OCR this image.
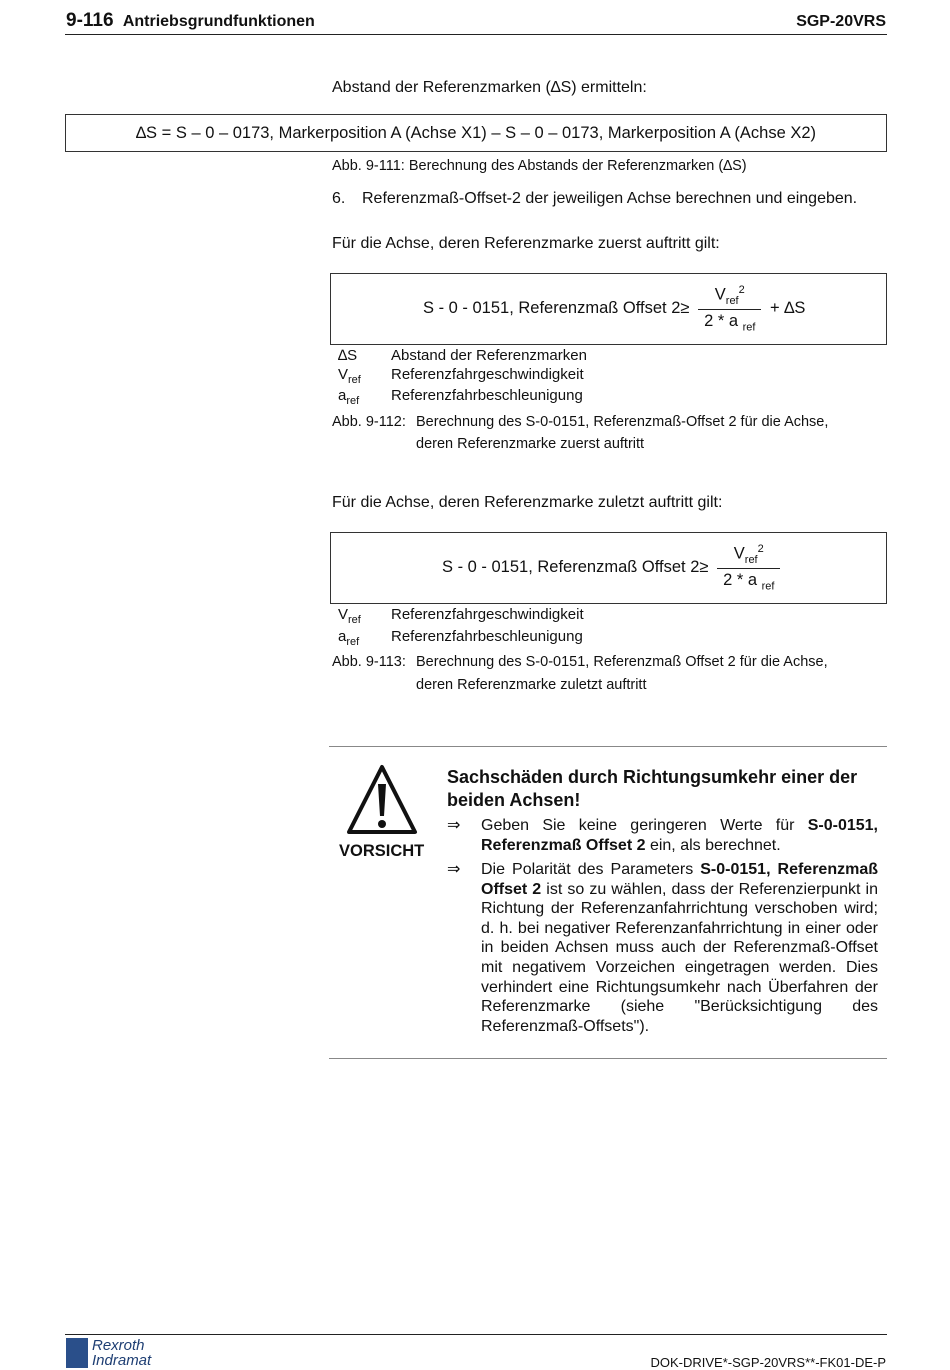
9-116 Antriebsgrundfunktionen	SGP-20VRS
Abstand der Referenzmarken (∆S) ermitteln:
∆S = S – 0 – 0173, Markerposition A (Achse X1) – S – 0 – 0173, Markerposition A (Achse X2)
Abb. 9-111: Berechnung des Abstands der Referenzmarken (∆S)
6. Referenzmaß-Offset-2 der jeweiligen Achse berechnen und eingeben.
Für die Achse, deren Referenzmarke zuerst auftritt gilt:
S - 0 - 0151, Referenzmaß Offset $2\ge \frac{V_{ref}^2}{2 * a _{ref}} + \Delta S$
∆S Abstand der Referenzmarken
$V_{ref}$ Referenzfahrgeschwindigkeit
$a_{ref}$ Referenzfahrbeschleunigung
Abb. 9-112: Berechnung des S-0-0151, Referenzmaß-Offset 2 für die Achse,
deren Referenzmarke zuerst auftritt
Für die Achse, deren Referenzmarke zuletzt auftritt gilt:
S - 0 - 0151, Referenzmaß Offset $2\ge \frac{V_{ref}^2}{2 * a _{ref}}$
$V_{ref}$ Referenzfahrgeschwindigkeit
$a_{ref}$ Referenzfahrbeschleunigung
Abb. 9-113: Berechnung des S-0-0151, Referenzmaß Offset 2 für die Achse,
deren Referenzmarke zuletzt auftritt
VORSICHT
Sachschäden durch Richtungsumkehr einer der beiden Achsen!
⇒ Geben Sie keine geringeren Werte für S-0-0151, Referenzmaß Offset 2 ein, als berechnet.
⇒ Die Polarität des Parameters S-0-0151, Referenzmaß Offset 2 ist so zu wählen, dass der Referenzierpunkt in Richtung der Referenzanfahrrichtung verschoben wird; d. h. bei negativer Referenzanfahrrichtung in einer oder in beiden Achsen muss auch der Referenzmaß-Offset mit negativem Vorzeichen eingetragen werden. Dies verhindert eine Richtungsumkehr nach Überfahren der Referenzmarke (siehe "Berücksichtigung des Referenzmaß-Offsets").
Rexroth
Indramat	DOK-DRIVE*-SGP-20VRS**-FK01-DE-P
